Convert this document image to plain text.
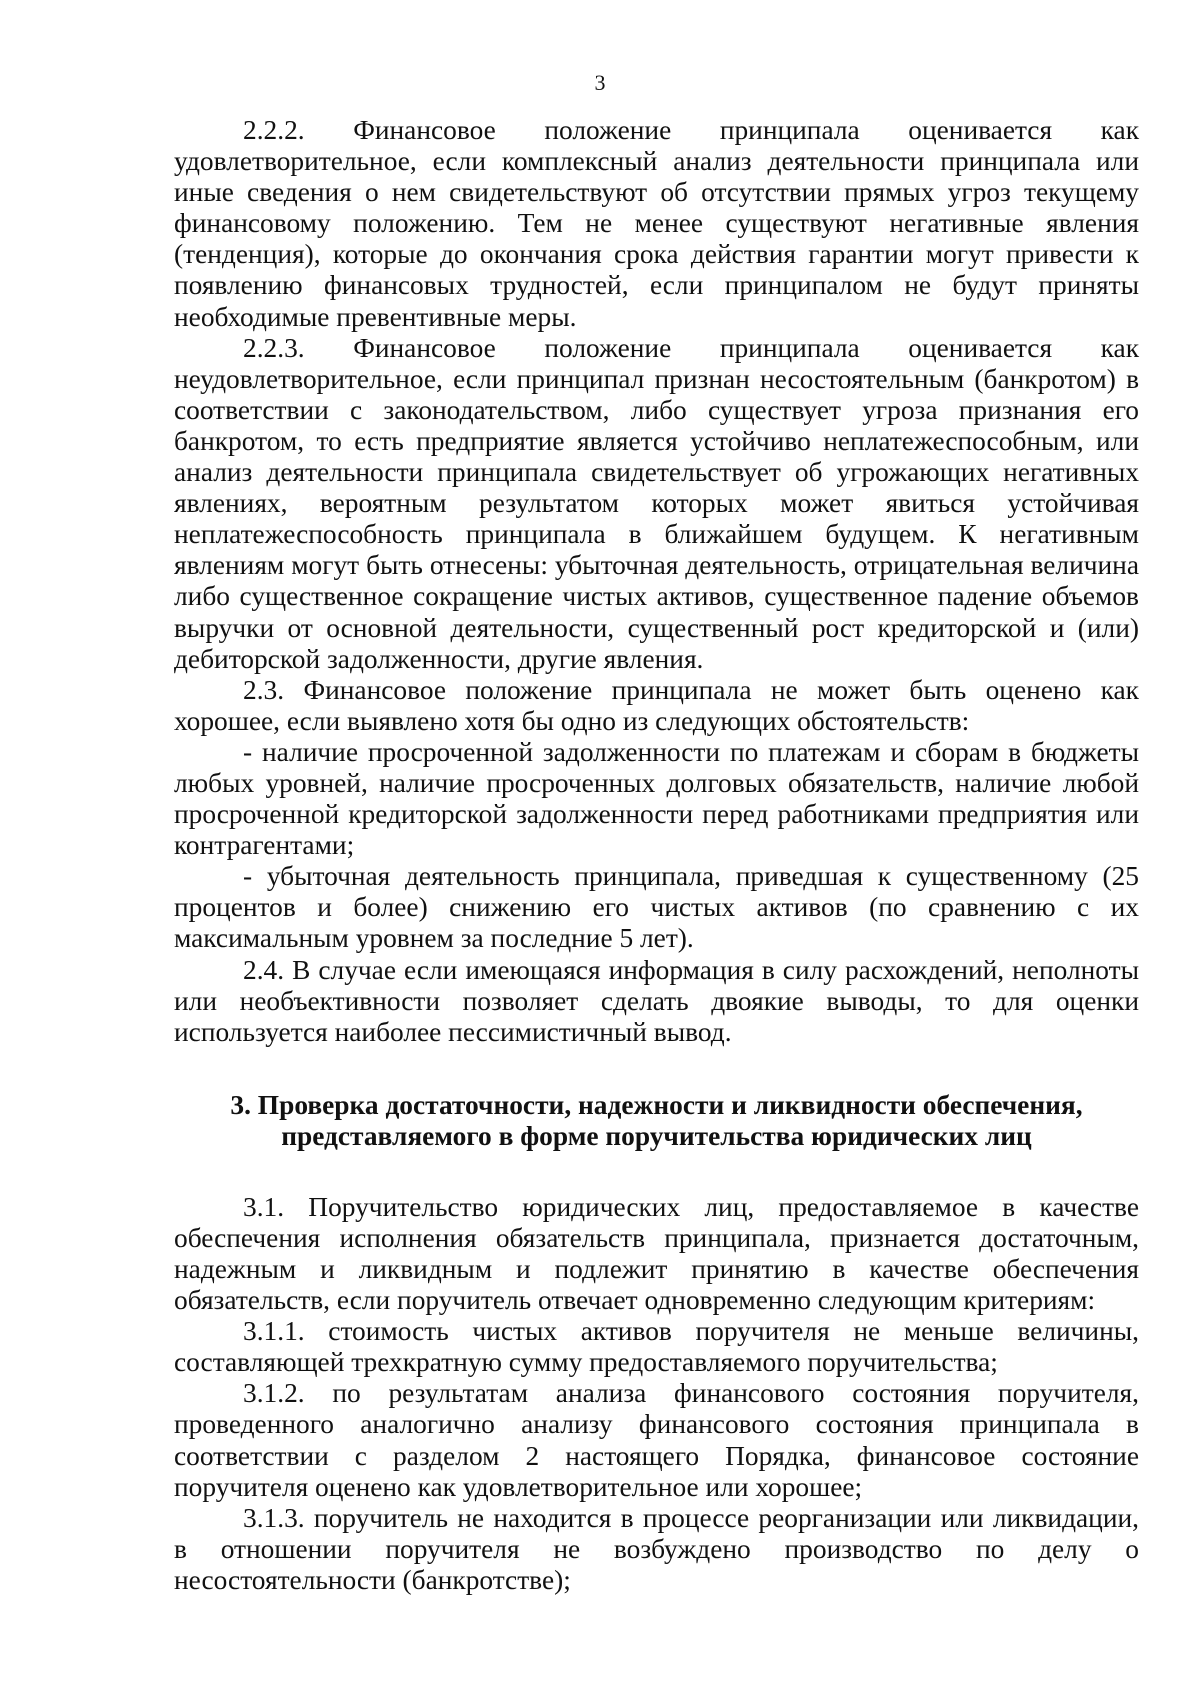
3

2.2.2. Финансовое положение принципала оценивается как удовлетворительное, если комплексный анализ деятельности принципала или иные сведения о нем свидетельствуют об отсутствии прямых угроз текущему финансовому положению. Тем не менее существуют негативные явления (тенденция), которые до окончания срока действия гарантии могут привести к появлению финансовых трудностей, если принципалом не будут приняты необходимые превентивные меры.

2.2.3. Финансовое положение принципала оценивается как неудовлетворительное, если принципал признан несостоятельным (банкротом) в соответствии с законодательством, либо существует угроза признания его банкротом, то есть предприятие является устойчиво неплатежеспособным, или анализ деятельности принципала свидетельствует об угрожающих негативных явлениях, вероятным результатом которых может явиться устойчивая неплатежеспособность принципала в ближайшем будущем. К негативным явлениям могут быть отнесены: убыточная деятельность, отрицательная величина либо существенное сокращение чистых активов, существенное падение объемов выручки от основной деятельности, существенный рост кредиторской и (или) дебиторской задолженности, другие явления.

2.3. Финансовое положение принципала не может быть оценено как хорошее, если выявлено хотя бы одно из следующих обстоятельств:

- наличие просроченной задолженности по платежам и сборам в бюджеты любых уровней, наличие просроченных долговых обязательств, наличие любой просроченной кредиторской задолженности перед работниками предприятия или контрагентами;

- убыточная деятельность принципала, приведшая к существенному (25 процентов и более) снижению его чистых активов (по сравнению с их максимальным уровнем за последние 5 лет).

2.4. В случае если имеющаяся информация в силу расхождений, неполноты или необъективности позволяет сделать двоякие выводы, то для оценки используется наиболее пессимистичный вывод.

3. Проверка достаточности, надежности и ликвидности обеспечения,
представляемого в форме поручительства юридических лиц

3.1. Поручительство юридических лиц, предоставляемое в качестве обеспечения исполнения обязательств принципала, признается достаточным, надежным и ликвидным и подлежит принятию в качестве обеспечения обязательств, если поручитель отвечает одновременно следующим критериям:

3.1.1. стоимость чистых активов поручителя не меньше величины, составляющей трехкратную сумму предоставляемого поручительства;

3.1.2. по результатам анализа финансового состояния поручителя, проведенного аналогично анализу финансового состояния принципала в соответствии с разделом 2 настоящего Порядка, финансовое состояние поручителя оценено как удовлетворительное или хорошее;

3.1.3. поручитель не находится в процессе реорганизации или ликвидации, в отношении поручителя не возбуждено производство по делу о несостоятельности (банкротстве);
